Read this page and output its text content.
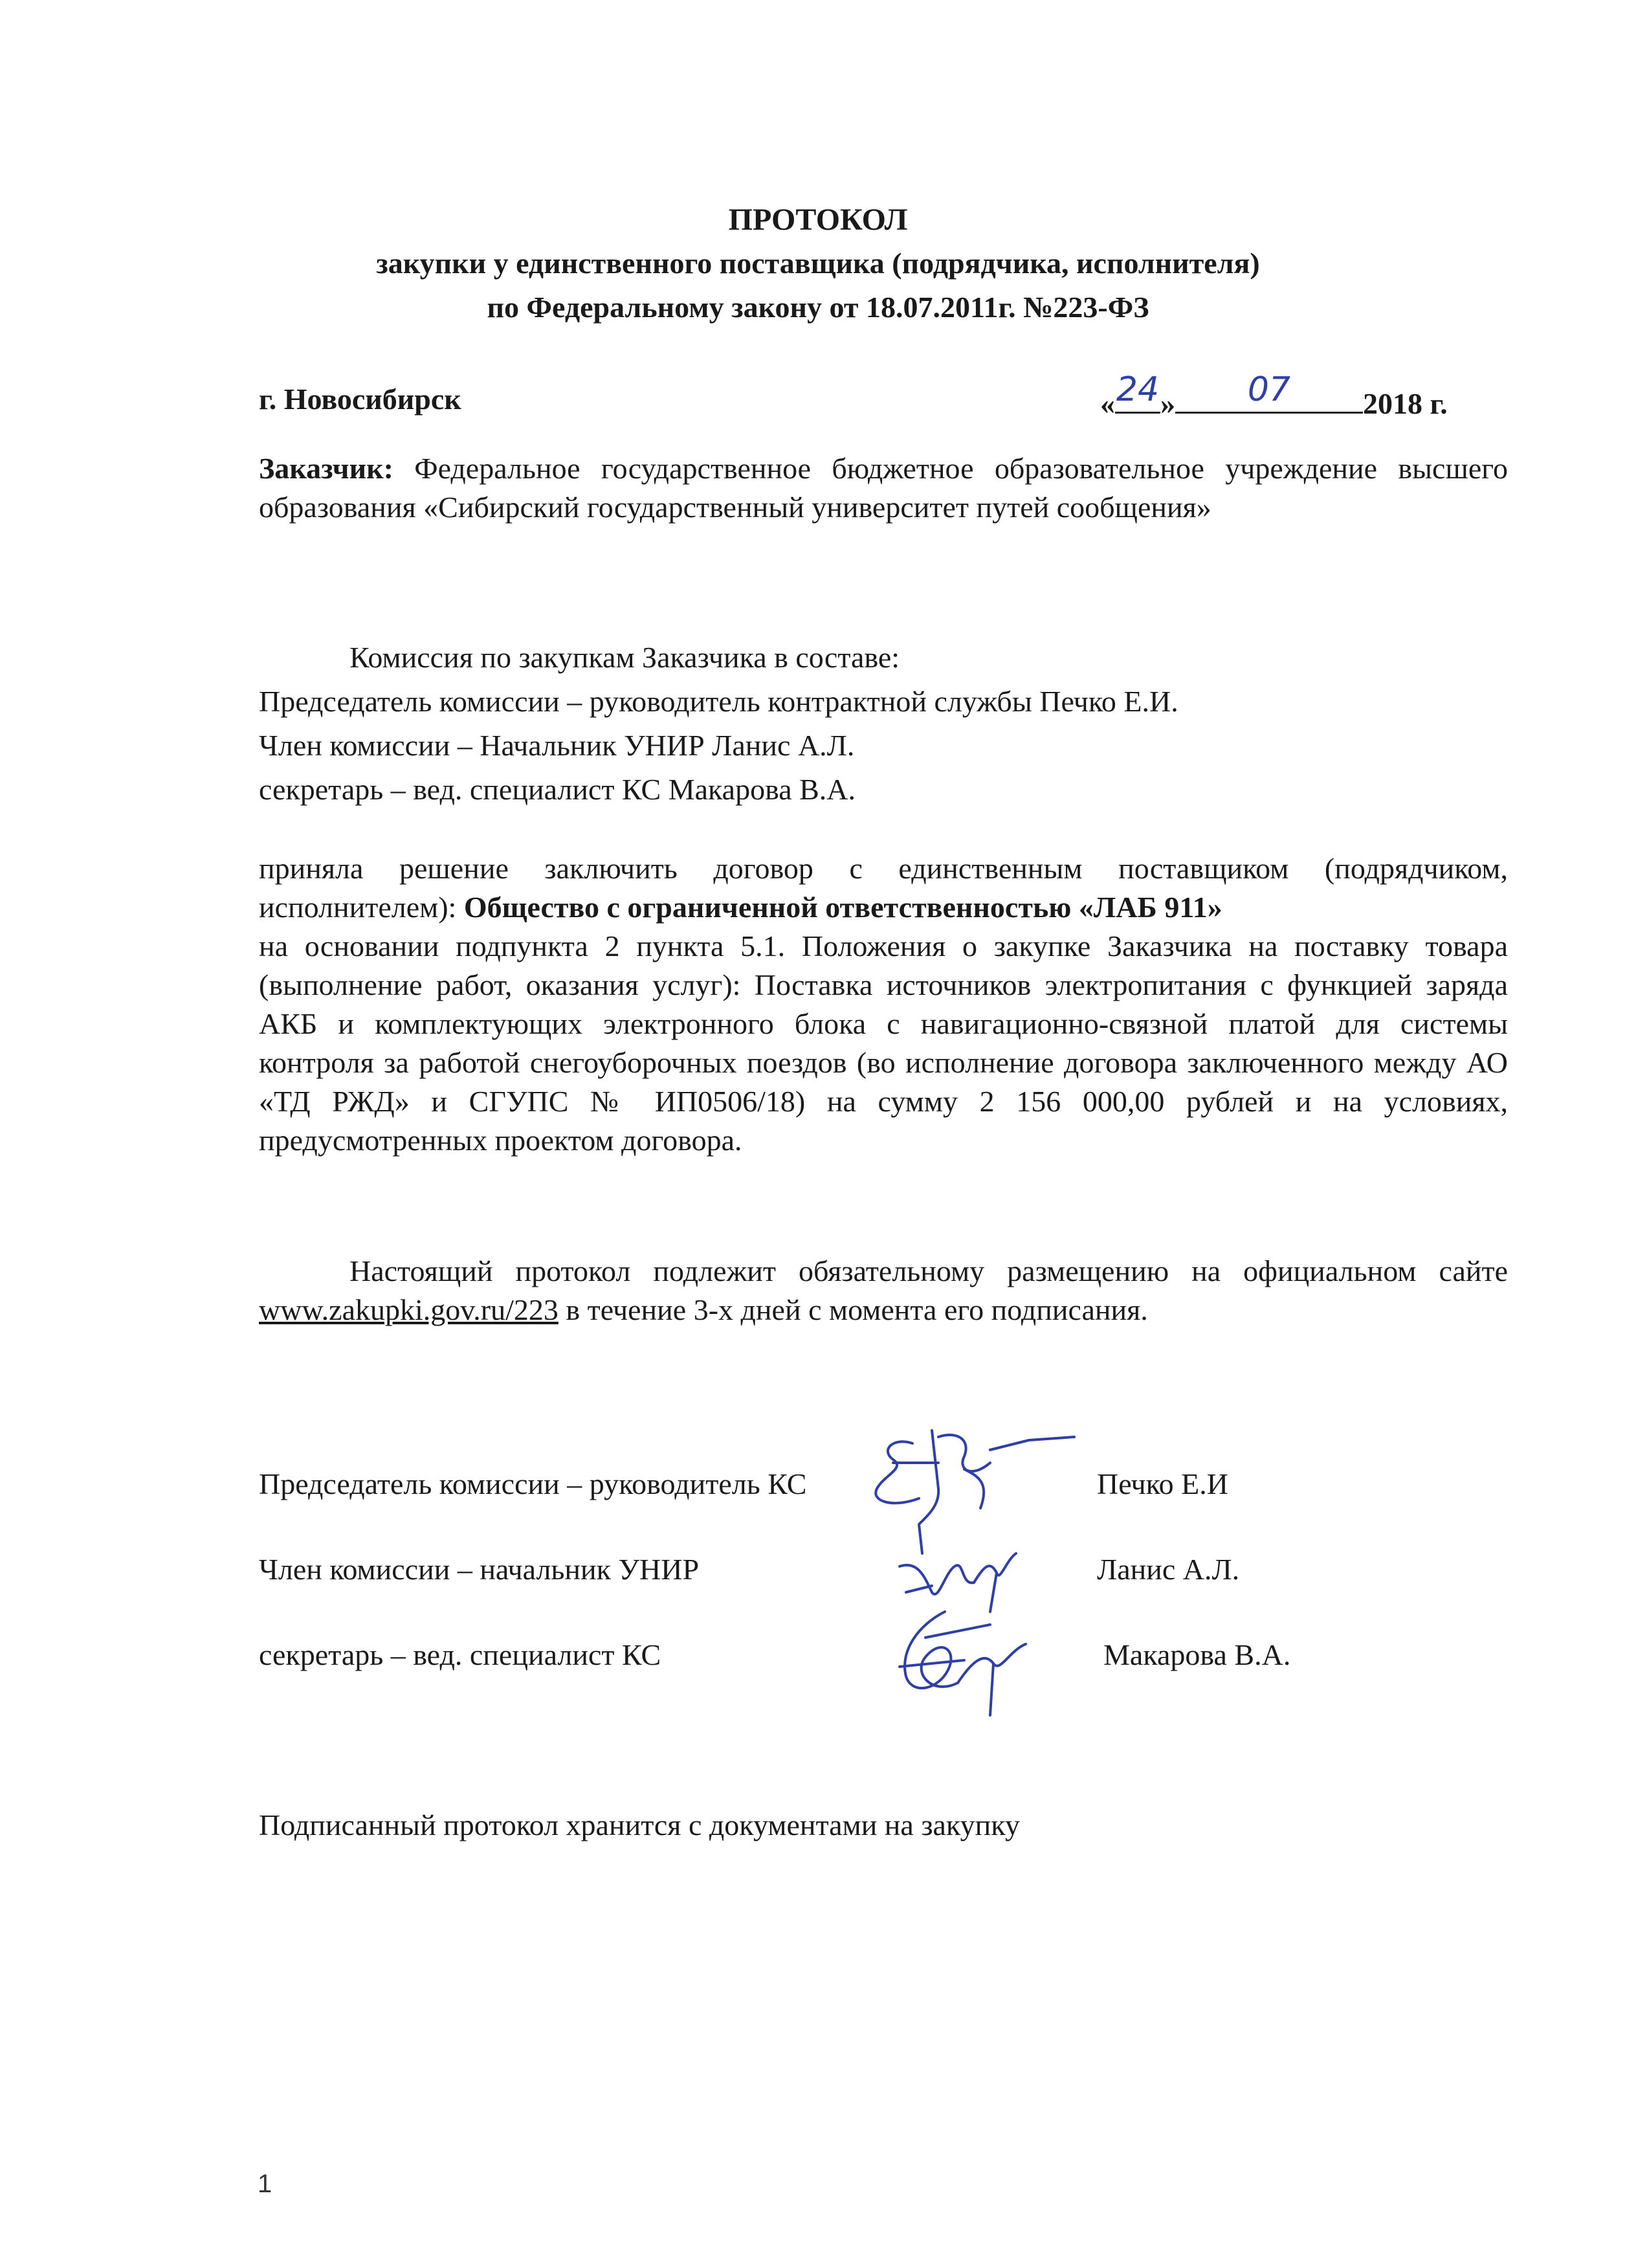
ПРОТОКОЛ
закупки у единственного поставщика (подрядчика, исполнителя)
по Федеральному закону от 18.07.2011г. №223-ФЗ
г. Новосибирск	« 24 »	07	2018 г.
Заказчик: Федеральное государственное бюджетное образовательное учреждение высшего образования «Сибирский государственный университет путей сообщения»
Комиссия по закупкам Заказчика в составе:
Председатель комиссии – руководитель контрактной службы Печко Е.И.
Член комиссии – Начальник УНИР Ланис А.Л.
секретарь – вед. специалист КС Макарова В.А.
приняла решение заключить договор с единственным поставщиком (подрядчиком, исполнителем): Общество с ограниченной ответственностью «ЛАБ 911»
на основании подпункта 2 пункта 5.1. Положения о закупке Заказчика на поставку товара (выполнение работ, оказания услуг): Поставка источников электропитания с функцией заряда АКБ и комплектующих электронного блока с навигационно-связной платой для системы контроля за работой снегоуборочных поездов (во исполнение договора заключенного между АО «ТД РЖД» и СГУПС № ИП0506/18) на сумму 2 156 000,00 рублей и на условиях, предусмотренных проектом договора.
Настоящий протокол подлежит обязательному размещению на официальном сайте www.zakupki.gov.ru/223 в течение 3-х дней с момента его подписания.
Председатель комиссии – руководитель КС	Печко Е.И
Член комиссии – начальник УНИР	Ланис А.Л.
секретарь – вед. специалист КС	Макарова В.А.
Подписанный протокол хранится с документами на закупку
1
